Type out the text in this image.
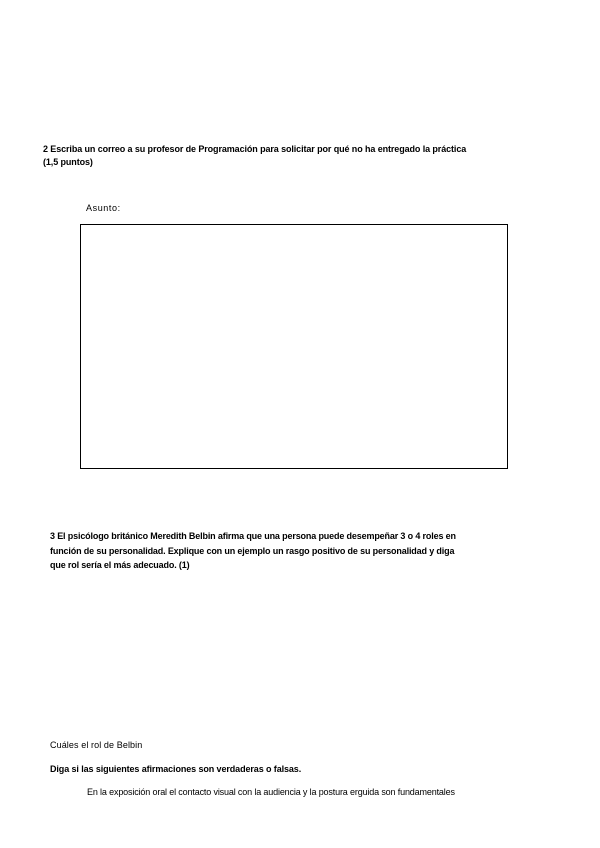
2 Escriba un correo a su profesor de Programación para solicitar por qué no ha entregado la práctica
(1,5 puntos)
Asunto:
3 El psicólogo británico Meredith Belbin afirma que una persona puede desempeñar 3 o 4 roles en
función de su personalidad. Explique con un ejemplo un rasgo positivo de su personalidad y diga
que rol sería el más adecuado. (1)
Cuáles el rol de Belbin
Diga si las siguientes afirmaciones son verdaderas o falsas.
En la exposición oral el contacto visual con la audiencia y la postura erguida son fundamentales
